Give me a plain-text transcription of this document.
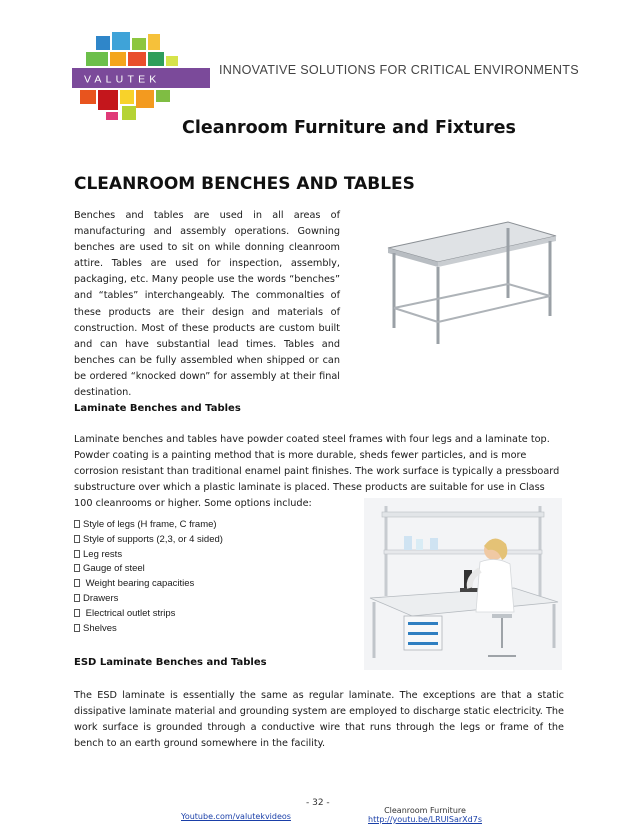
VALUTEK
INNOVATIVE SOLUTIONS FOR CRITICAL ENVIRONMENTS
Cleanroom Furniture and Fixtures
CLEANROOM BENCHES AND TABLES

Benches and tables are used in all areas of manufacturing and assembly operations. Gowning benches are used to sit on while donning cleanroom attire. Tables are used for inspection, assembly, packaging, etc. Many people use the words “benches” and “tables” interchangeably. The commonalties of these products are their design and materials of construction. Most of these products are custom built and can have substantial lead times. Tables and benches can be fully assembled when shipped or can be ordered “knocked down” for assembly at their final destination.

Laminate Benches and Tables

Laminate benches and tables have powder coated steel frames with four legs and a laminate top. Powder coating is a painting method that is more durable, sheds fewer particles, and is more corrosion resistant than traditional enamel paint finishes. The work surface is typically a pressboard substructure over which a plastic laminate is placed. These products are suitable for use in Class 100 cleanrooms or higher. Some options include:

Style of legs (H frame, C frame)
Style of supports (2,3, or 4 sided)
Leg rests
Gauge of steel
Weight bearing capacities
Drawers
Electrical outlet strips
Shelves
ESD Laminate Benches and Tables

The ESD laminate is essentially the same as regular laminate. The exceptions are that a static dissipative laminate material and grounding system are employed to discharge static electricity. The work surface is grounded through a conductive wire that runs through the legs or frame of the bench to an earth ground somewhere in the facility.

- 32 -
Youtube.com/valutekvideos
Cleanroom Furniture
http://youtu.be/LRUISarXd7s
